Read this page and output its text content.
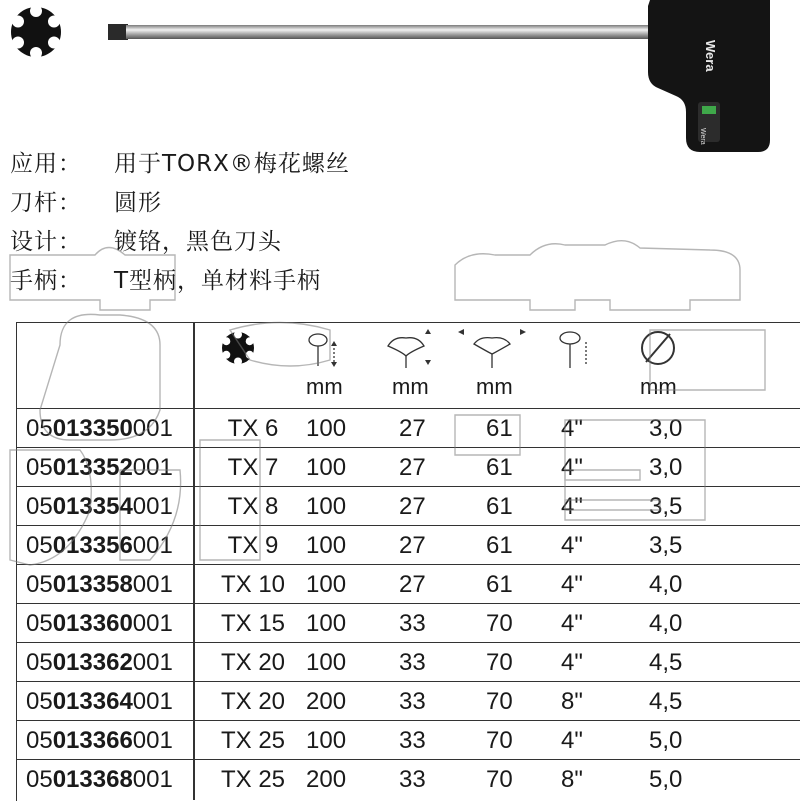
Wera
Wera
应用：	用于TORX®梅花螺丝
刀杆：	圆形
设计：	镀铬，黑色刀头
手柄：	T型柄，单材料手柄
mm mm mm	mm
05013350001	TX 6	100 27	61 4"	3,0
05013352001	TX 7	100 27	61 4"	3,0
05013354001	TX 8	100 27	61 4"	3,5
05013356001	TX 9	100 27	61 4"	3,5
05013358001	TX 10 100 27	61 4"	4,0
05013360001	TX 15 100 33	70 4"	4,0
05013362001	TX 20 100 33	70 4"	4,5
05013364001	TX 20 200 33	70 8"	4,5
05013366001	TX 25 100 33	70 4"	5,0
05013368001	TX 25 200 33	70 8"	5,0
